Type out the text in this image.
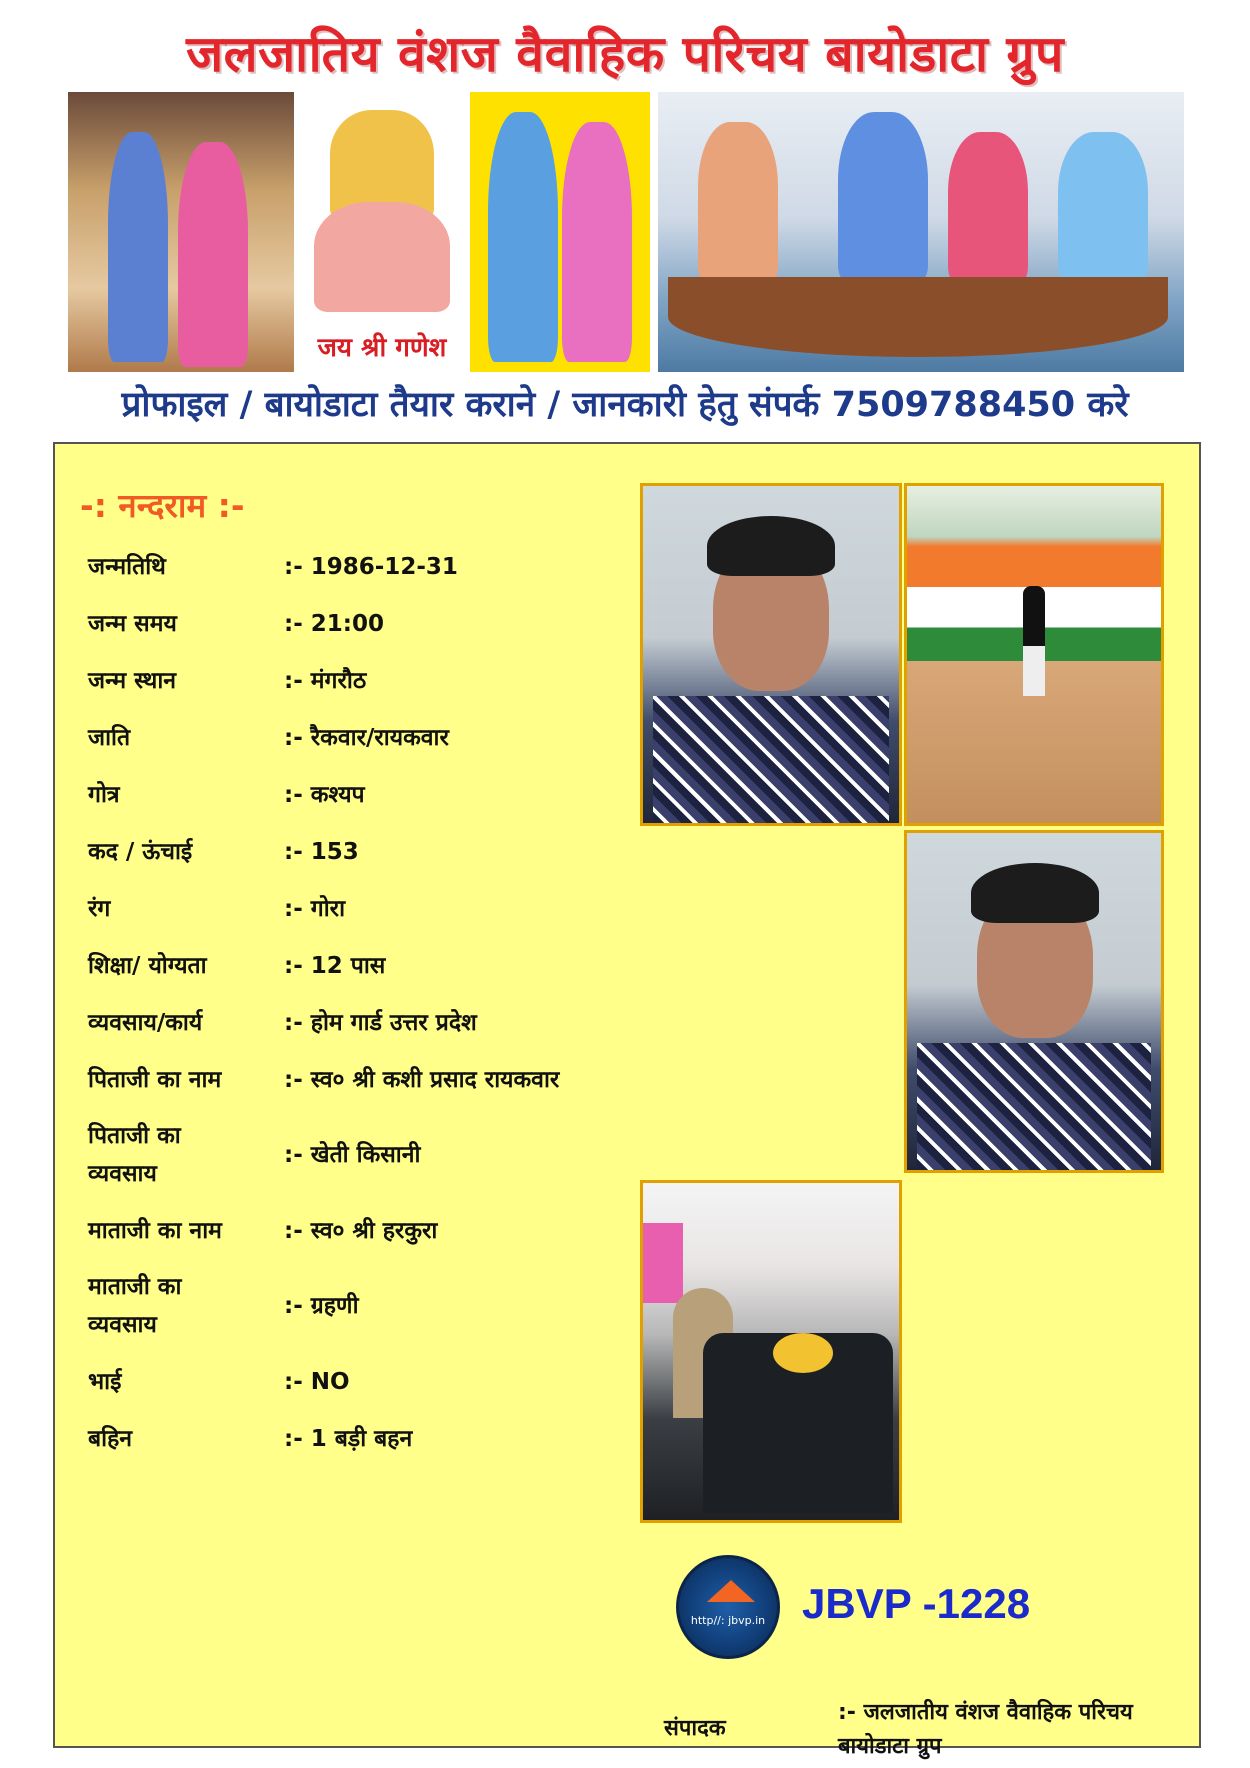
जलजातिय वंशज वैवाहिक परिचय बायोडाटा ग्रुप
जय श्री गणेश
प्रोफाइल / बायोडाटा तैयार कराने / जानकारी हेतु संपर्क 7509788450 करे
-: नन्दराम :-
जन्मतिथि	:- 1986-12-31
जन्म समय	:- 21:00
जन्म स्थान	:- मंगरौठ
जाति	:- रैकवार/रायकवार
गोत्र	:- कश्यप
कद / ऊंचाई	:- 153
रंग	:- गोरा
शिक्षा/ योग्यता	:- 12 पास
व्यवसाय/कार्य	:- होम गार्ड उत्तर प्रदेश
पिताजी का नाम	:- स्व० श्री कशी प्रसाद रायकवार
पिताजी का व्यवसाय
:- खेती किसानी
माताजी का नाम	:- स्व० श्री हरकुरा
माताजी का व्यवसाय
:- ग्रहणी
भाई	:- NO
बहिन	:- 1 बड़ी बहन
http//: jbvp.in JBVP -1228
संपादक
:- जलजातीय वंशज वैवाहिक परिचय बायोडाटा ग्रुप
